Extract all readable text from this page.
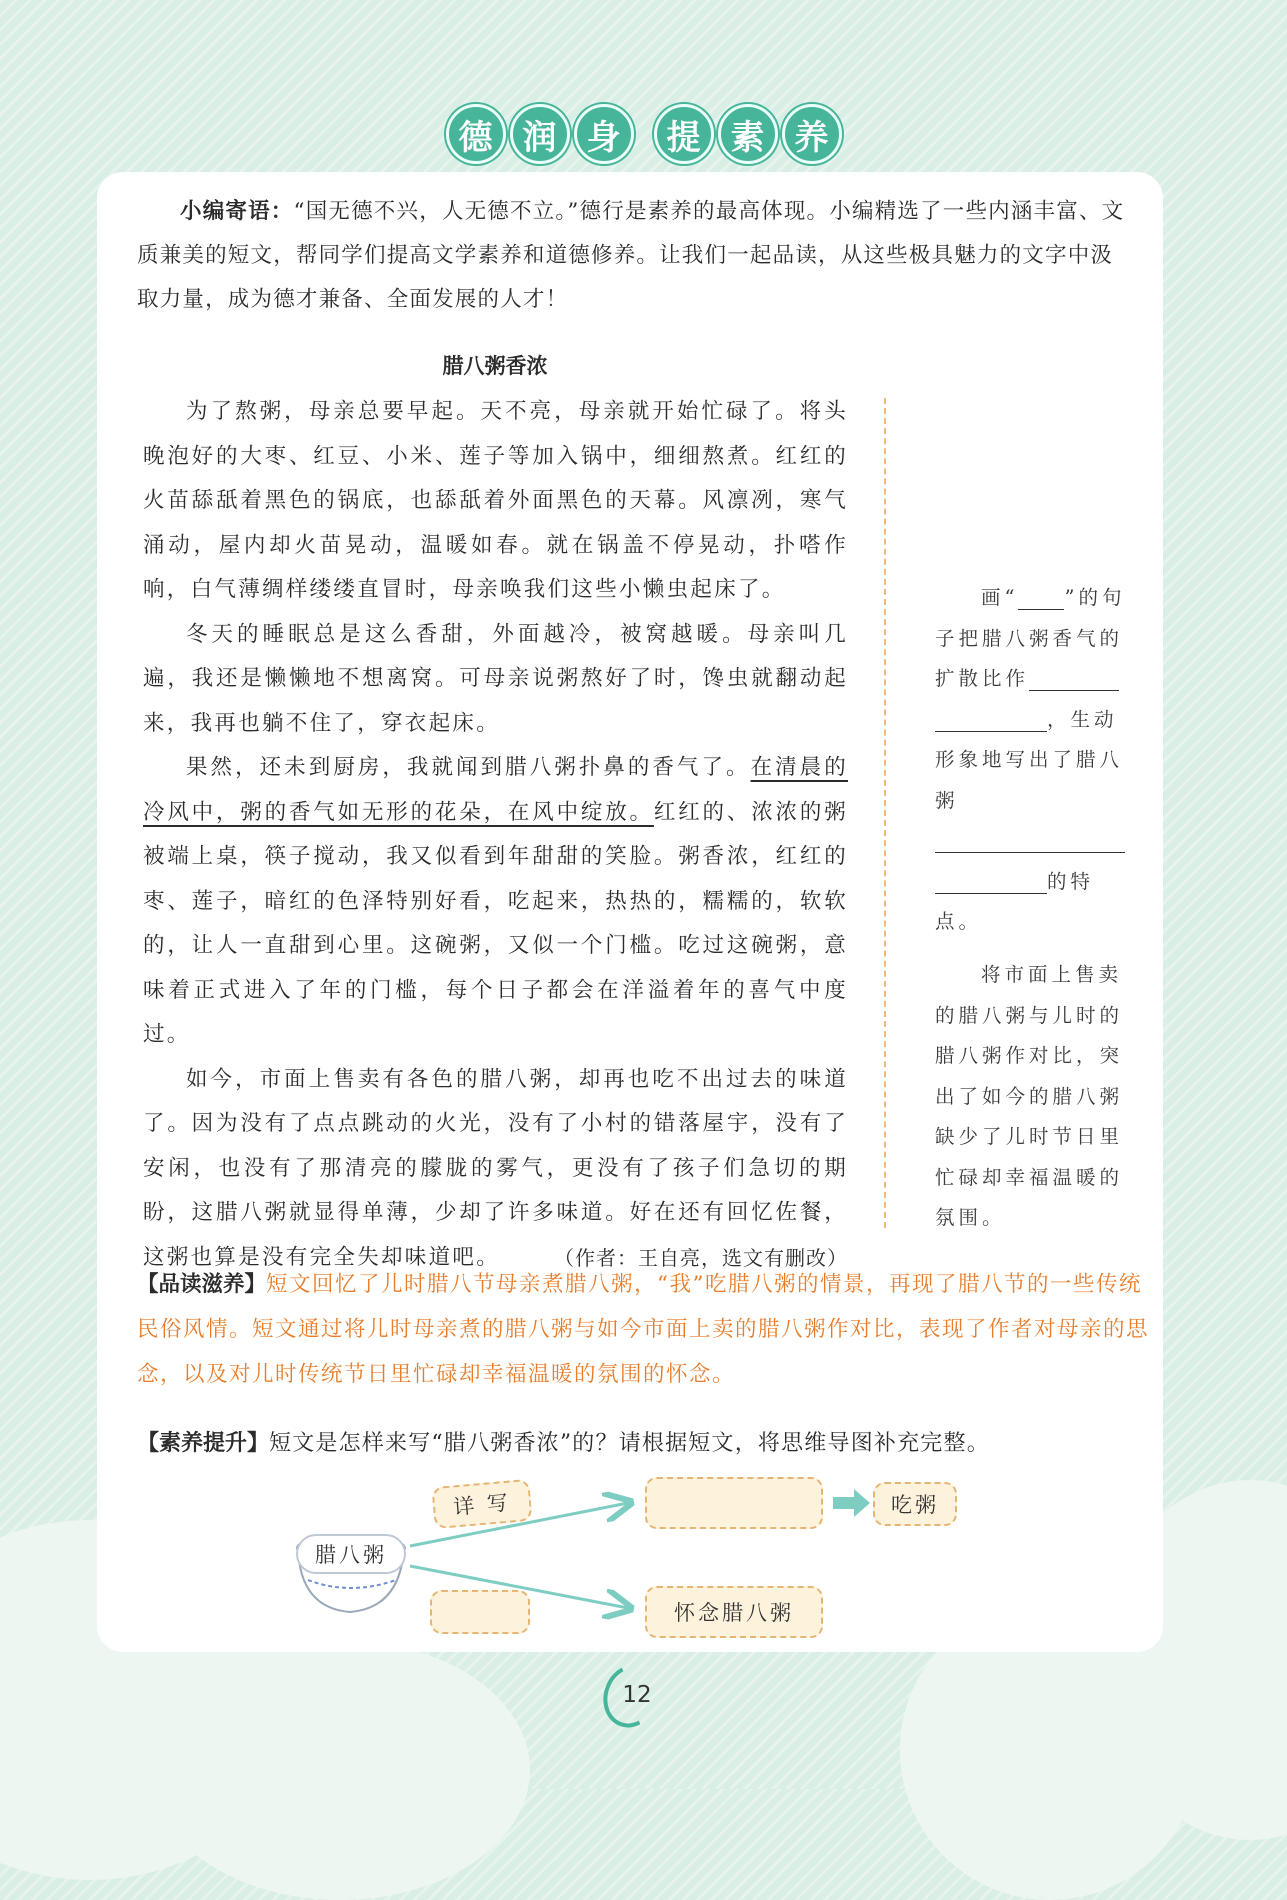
德 润 身	提 素 养
小编寄语：“国无德不兴，人无德不立。”德行是素养的最高体现。小编精选了一些内涵丰富、文质兼美的短文，帮同学们提高文学素养和道德修养。让我们一起品读，从这些极具魅力的文字中汲取力量，成为德才兼备、全面发展的人才！
腊八粥香浓

为了熬粥，母亲总要早起。天不亮，母亲就开始忙碌了。将头晚泡好的大枣、红豆、小米、莲子等加入锅中，细细熬煮。红红的火苗舔舐着黑色的锅底，也舔舐着外面黑色的天幕。风凛冽，寒气涌动，屋内却火苗晃动，温暖如春。就在锅盖不停晃动，扑嗒作响，白气薄绸样缕缕直冒时，母亲唤我们这些小懒虫起床了。

冬天的睡眠总是这么香甜，外面越冷，被窝越暖。母亲叫几遍，我还是懒懒地不想离窝。可母亲说粥熬好了时，馋虫就翻动起来，我再也躺不住了，穿衣起床。

果然，还未到厨房，我就闻到腊八粥扑鼻的香气了。在清晨的冷风中，粥的香气如无形的花朵，在风中绽放。红红的、浓浓的粥被端上桌，筷子搅动，我又似看到年甜甜的笑脸。粥香浓，红红的枣、莲子，暗红的色泽特别好看，吃起来，热热的，糯糯的，软软的，让人一直甜到心里。这碗粥，又似一个门槛。吃过这碗粥，意味着正式进入了年的门槛，每个日子都会在洋溢着年的喜气中度过。

如今，市面上售卖有各色的腊八粥，却再也吃不出过去的味道了。因为没有了点点跳动的火光，没有了小村的错落屋宇，没有了安闲，也没有了那清亮的朦胧的雾气，更没有了孩子们急切的期盼，这腊八粥就显得单薄，少却了许多味道。好在还有回忆佐餐，这粥也算是没有完全失却味道吧。	（作者：王自亮，选文有删改）

画“ ”的句子把腊八粥香气的扩散比作
，生动形象地写出了腊八粥

的特点。
将市面上售卖的腊八粥与儿时的腊八粥作对比，突出了如今的腊八粥缺少了儿时节日里忙碌却幸福温暖的氛围。
【品读滋养】短文回忆了儿时腊八节母亲煮腊八粥，“我”吃腊八粥的情景，再现了腊八节的一些传统民俗风情。短文通过将儿时母亲煮的腊八粥与如今市面上卖的腊八粥作对比，表现了作者对母亲的思念，以及对儿时传统节日里忙碌却幸福温暖的氛围的怀念。
【素养提升】短文是怎样来写“腊八粥香浓”的？请根据短文，将思维导图补充完整。
详 写	吃粥
怀念腊八粥
腊八粥
12
